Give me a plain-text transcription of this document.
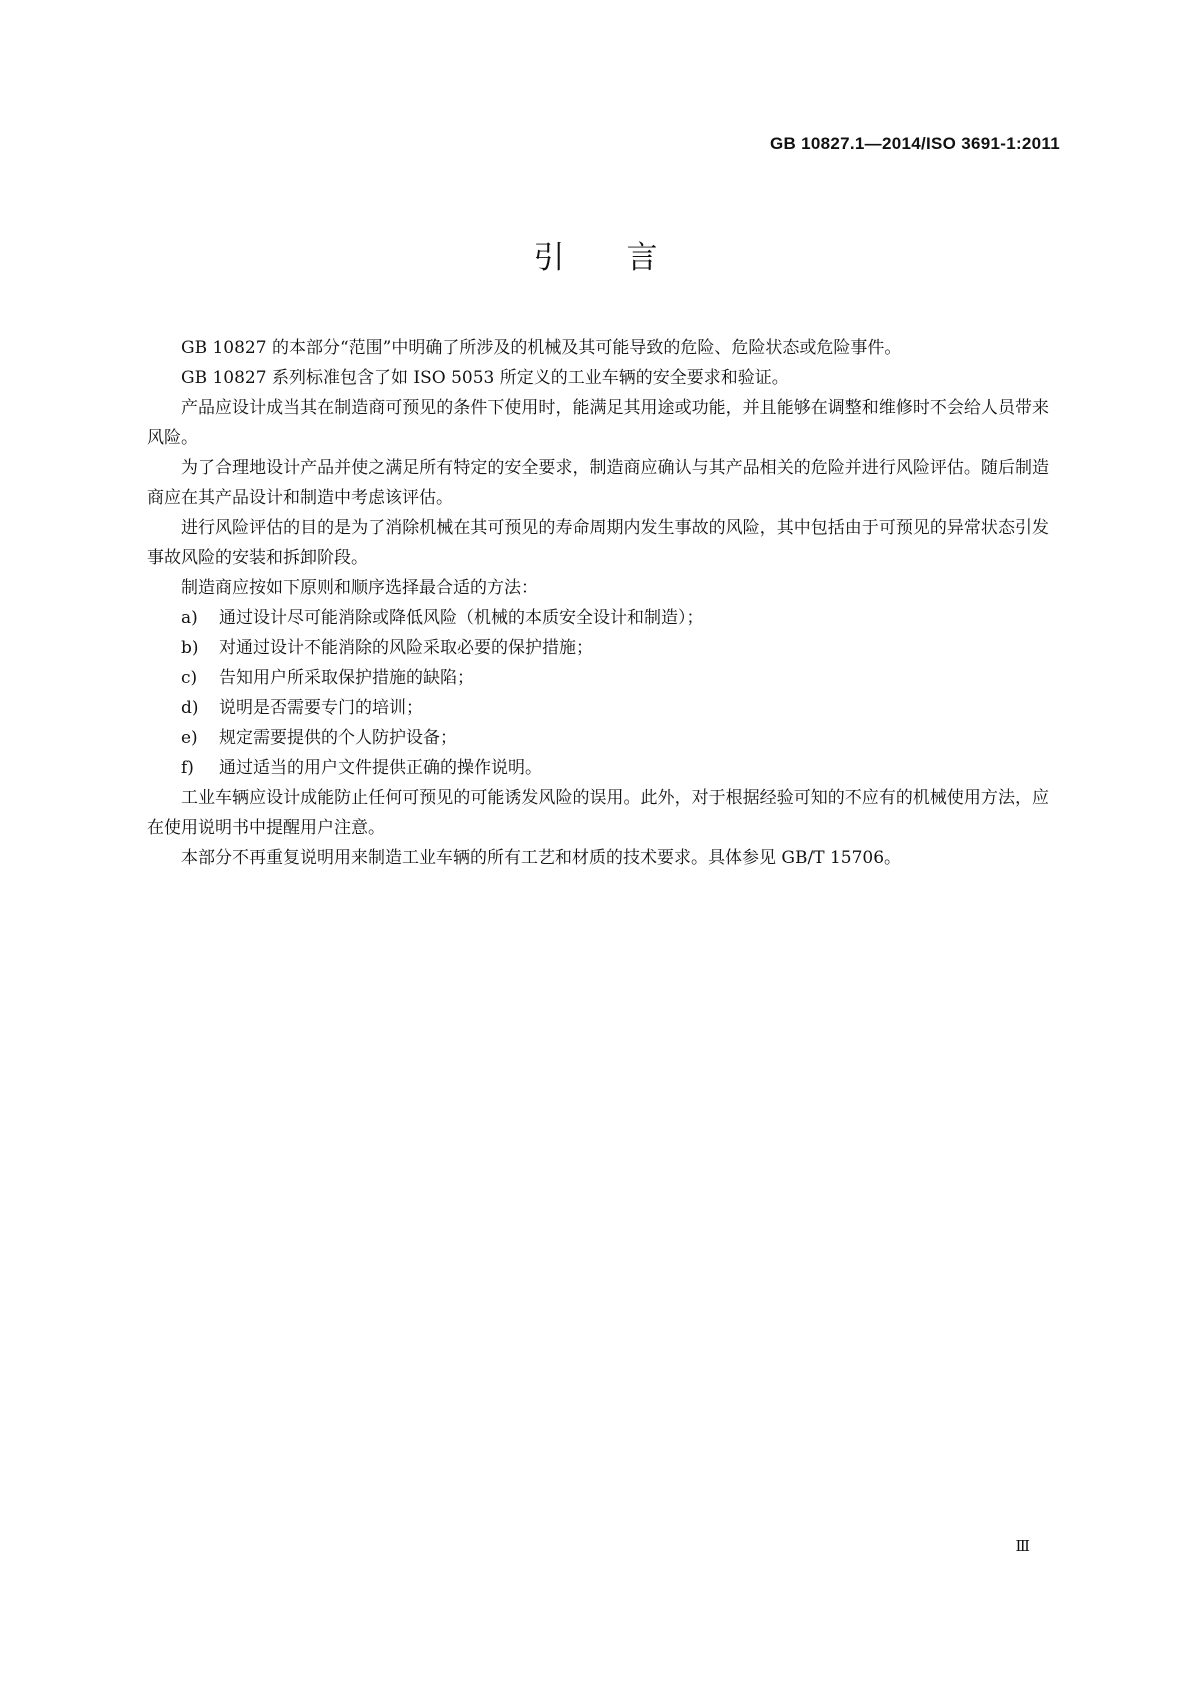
GB 10827.1—2014/ISO 3691-1:2011
引言

GB 10827 的本部分“范围”中明确了所涉及的机械及其可能导致的危险、危险状态或危险事件。

GB 10827 系列标准包含了如 ISO 5053 所定义的工业车辆的安全要求和验证。

产品应设计成当其在制造商可预见的条件下使用时，能满足其用途或功能，并且能够在调整和维修时不会给人员带来风险。

为了合理地设计产品并使之满足所有特定的安全要求，制造商应确认与其产品相关的危险并进行风险评估。随后制造商应在其产品设计和制造中考虑该评估。

进行风险评估的目的是为了消除机械在其可预见的寿命周期内发生事故的风险，其中包括由于可预见的异常状态引发事故风险的安装和拆卸阶段。

制造商应按如下原则和顺序选择最合适的方法：

a) 通过设计尽可能消除或降低风险（机械的本质安全设计和制造）；
b) 对通过设计不能消除的风险采取必要的保护措施；
c) 告知用户所采取保护措施的缺陷；
d) 说明是否需要专门的培训；
e) 规定需要提供的个人防护设备；
f) 通过适当的用户文件提供正确的操作说明。

工业车辆应设计成能防止任何可预见的可能诱发风险的误用。此外，对于根据经验可知的不应有的机械使用方法，应在使用说明书中提醒用户注意。

本部分不再重复说明用来制造工业车辆的所有工艺和材质的技术要求。具体参见 GB/T 15706。

Ⅲ
